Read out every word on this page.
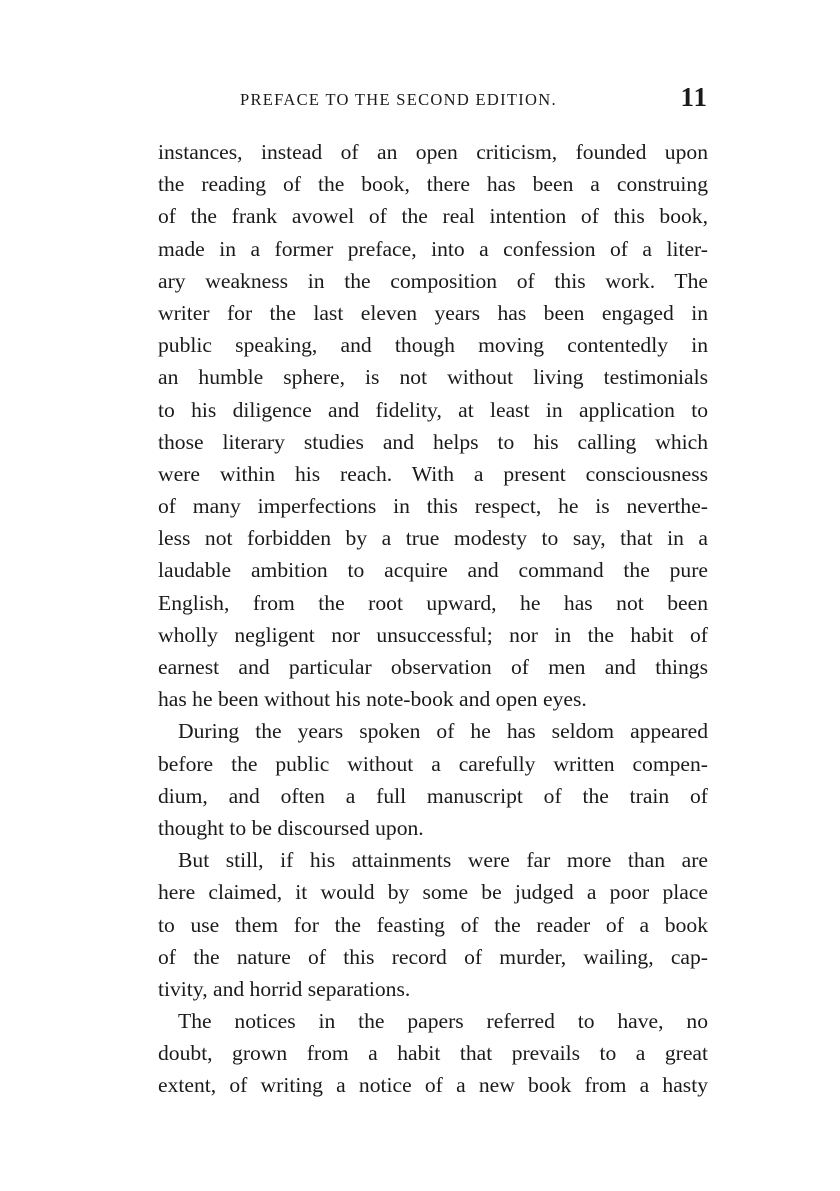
PREFACE TO THE SECOND EDITION.	11
instances, instead of an open criticism, founded upon
the reading of the book, there has been a construing
of the frank avowel of the real intention of this book,
made in a former preface, into a confession of a liter-
ary weakness in the composition of this work. The
writer for the last eleven years has been engaged in
public speaking, and though moving contentedly in
an humble sphere, is not without living testimonials
to his diligence and fidelity, at least in application to
those literary studies and helps to his calling which
were within his reach. With a present consciousness
of many imperfections in this respect, he is neverthe-
less not forbidden by a true modesty to say, that in a
laudable ambition to acquire and command the pure
English, from the root upward, he has not been
wholly negligent nor unsuccessful; nor in the habit of
earnest and particular observation of men and things
has he been without his note-book and open eyes.
During the years spoken of he has seldom appeared
before the public without a carefully written compen-
dium, and often a full manuscript of the train of
thought to be discoursed upon.
But still, if his attainments were far more than are
here claimed, it would by some be judged a poor place
to use them for the feasting of the reader of a book
of the nature of this record of murder, wailing, cap-
tivity, and horrid separations.
The notices in the papers referred to have, no
doubt, grown from a habit that prevails to a great
extent, of writing a notice of a new book from a hasty
